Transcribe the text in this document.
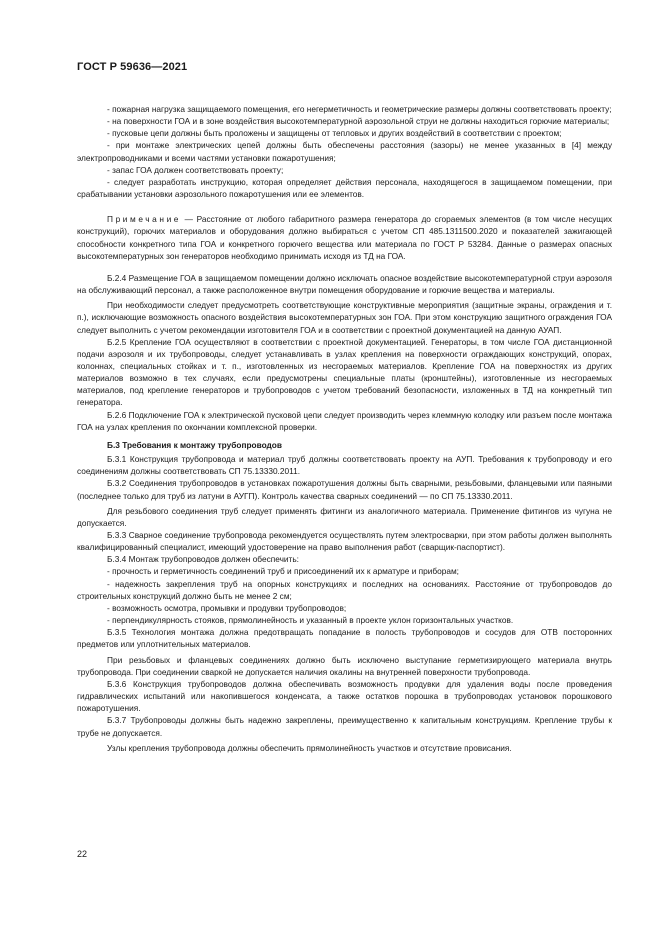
ГОСТ Р 59636—2021

- пожарная нагрузка защищаемого помещения, его негерметичность и геометрические размеры должны соответствовать проекту;

- на поверхности ГОА и в зоне воздействия высокотемпературной аэрозольной струи не должны находиться горючие материалы;

- пусковые цепи должны быть проложены и защищены от тепловых и других воздействий в соответствии с проектом;

- при монтаже электрических цепей должны быть обеспечены расстояния (зазоры) не менее указанных в [4] между электропроводниками и всеми частями установки пожаротушения;

- запас ГОА должен соответствовать проекту;

- следует разработать инструкцию, которая определяет действия персонала, находящегося в защищаемом помещении, при срабатывании установки аэрозольного пожаротушения или ее элементов.

Примечание — Расстояние от любого габаритного размера генератора до сгораемых элементов (в том числе несущих конструкций), горючих материалов и оборудования должно выбираться с учетом СП 485.1311500.2020 и показателей зажигающей способности конкретного типа ГОА и конкретного горючего вещества или материала по ГОСТ Р 53284. Данные о размерах опасных высокотемпературных зон генераторов необходимо принимать исходя из ТД на ГОА.

Б.2.4 Размещение ГОА в защищаемом помещении должно исключать опасное воздействие высокотемпературной струи аэрозоля на обслуживающий персонал, а также расположенное внутри помещения оборудование и горючие вещества и материалы.

При необходимости следует предусмотреть соответствующие конструктивные мероприятия (защитные экраны, ограждения и т. п.), исключающие возможность опасного воздействия высокотемпературных зон ГОА. При этом конструкцию защитного ограждения ГОА следует выполнить с учетом рекомендации изготовителя ГОА и в соответствии с проектной документацией на данную АУАП.

Б.2.5 Крепление ГОА осуществляют в соответствии с проектной документацией. Генераторы, в том числе ГОА дистанционной подачи аэрозоля и их трубопроводы, следует устанавливать в узлах крепления на поверхности ограждающих конструкций, опорах, колоннах, специальных стойках и т. п., изготовленных из несгораемых материалов. Крепление ГОА на поверхностях из других материалов возможно в тех случаях, если предусмотрены специальные платы (кронштейны), изготовленные из несгораемых материалов, под крепление генераторов и трубопроводов с учетом требований безопасности, изложенных в ТД на конкретный тип генератора.

Б.2.6 Подключение ГОА к электрической пусковой цепи следует производить через клеммную колодку или разъем после монтажа ГОА на узлах крепления по окончании комплексной проверки.

Б.3 Требования к монтажу трубопроводов

Б.3.1 Конструкция трубопровода и материал труб должны соответствовать проекту на АУП. Требования к трубопроводу и его соединениям должны соответствовать СП 75.13330.2011.

Б.3.2 Соединения трубопроводов в установках пожаротушения должны быть сварными, резьбовыми, фланцевыми или паяными (последнее только для труб из латуни в АУГП). Контроль качества сварных соединений — по СП 75.13330.2011.

Для резьбового соединения труб следует применять фитинги из аналогичного материала. Применение фитингов из чугуна не допускается.

Б.3.3 Сварное соединение трубопровода рекомендуется осуществлять путем электросварки, при этом работы должен выполнять квалифицированный специалист, имеющий удостоверение на право выполнения работ (сварщик-паспортист).

Б.3.4 Монтаж трубопроводов должен обеспечить:

- прочность и герметичность соединений труб и присоединений их к арматуре и приборам;

- надежность закрепления труб на опорных конструкциях и последних на основаниях. Расстояние от трубопроводов до строительных конструкций должно быть не менее 2 см;

- возможность осмотра, промывки и продувки трубопроводов;

- перпендикулярность стояков, прямолинейность и указанный в проекте уклон горизонтальных участков.

Б.3.5 Технология монтажа должна предотвращать попадание в полость трубопроводов и сосудов для ОТВ посторонних предметов или уплотнительных материалов.

При резьбовых и фланцевых соединениях должно быть исключено выступание герметизирующего материала внутрь трубопровода. При соединении сваркой не допускается наличия окалины на внутренней поверхности трубопровода.

Б.3.6 Конструкция трубопроводов должна обеспечивать возможность продувки для удаления воды после проведения гидравлических испытаний или накопившегося конденсата, а также остатков порошка в трубопроводах установок порошкового пожаротушения.

Б.3.7 Трубопроводы должны быть надежно закреплены, преимущественно к капитальным конструкциям. Крепление трубы к трубе не допускается.

Узлы крепления трубопровода должны обеспечить прямолинейность участков и отсутствие провисания.

22
